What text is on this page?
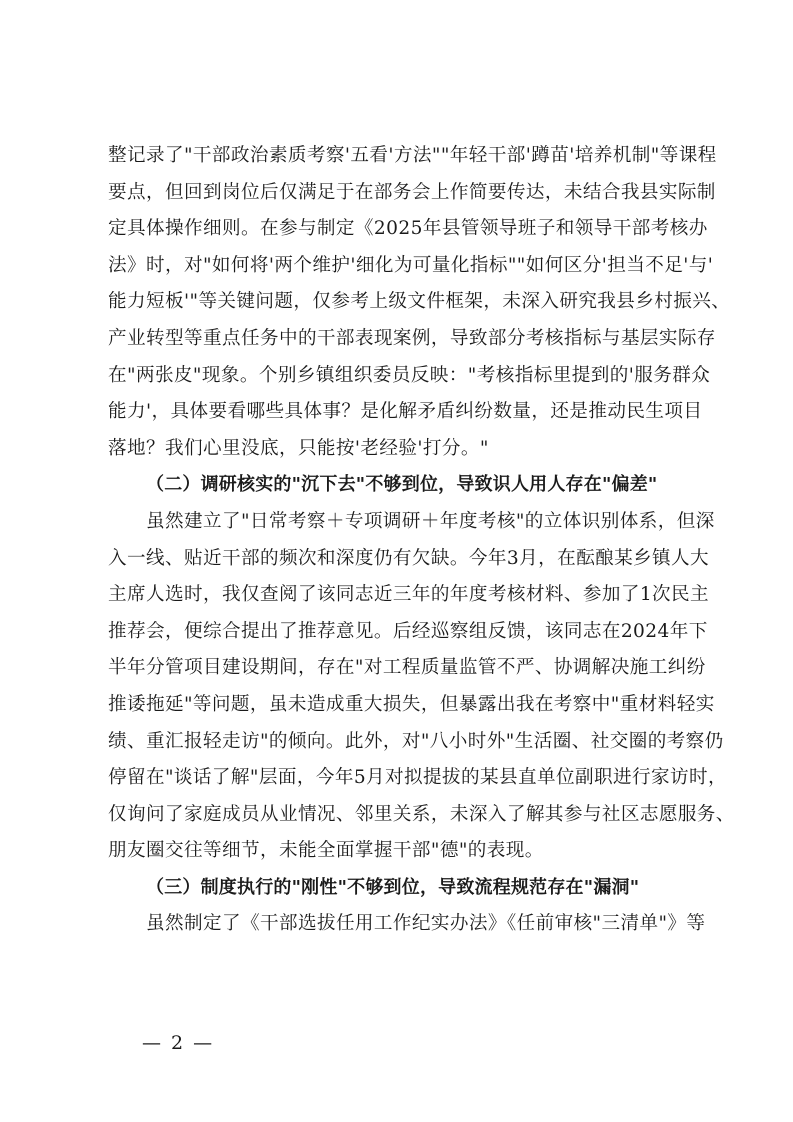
整记录了"干部政治素质考察'五看'方法""年轻干部'蹲苗'培养机制"等课程
要点，但回到岗位后仅满足于在部务会上作简要传达，未结合我县实际制
定具体操作细则。在参与制定《2025年县管领导班子和领导干部考核办
法》时，对"如何将'两个维护'细化为可量化指标""如何区分'担当不足'与'
能力短板'"等关键问题，仅参考上级文件框架，未深入研究我县乡村振兴、
产业转型等重点任务中的干部表现案例，导致部分考核指标与基层实际存
在"两张皮"现象。个别乡镇组织委员反映："考核指标里提到的'服务群众
能力'，具体要看哪些具体事？是化解矛盾纠纷数量，还是推动民生项目
落地？我们心里没底，只能按'老经验'打分。"
（二）调研核实的"沉下去"不够到位，导致识人用人存在"偏差"
虽然建立了"日常考察＋专项调研＋年度考核"的立体识别体系，但深
入一线、贴近干部的频次和深度仍有欠缺。今年3月，在酝酿某乡镇人大
主席人选时，我仅查阅了该同志近三年的年度考核材料、参加了1次民主
推荐会，便综合提出了推荐意见。后经巡察组反馈，该同志在2024年下
半年分管项目建设期间，存在"对工程质量监管不严、协调解决施工纠纷
推诿拖延"等问题，虽未造成重大损失，但暴露出我在考察中"重材料轻实
绩、重汇报轻走访"的倾向。此外，对"八小时外"生活圈、社交圈的考察仍
停留在"谈话了解"层面，今年5月对拟提拔的某县直单位副职进行家访时，
仅询问了家庭成员从业情况、邻里关系，未深入了解其参与社区志愿服务、
朋友圈交往等细节，未能全面掌握干部"德"的表现。
（三）制度执行的"刚性"不够到位，导致流程规范存在"漏洞"
虽然制定了《干部选拔任用工作纪实办法》《任前审核"三清单"》等
— 2 —
